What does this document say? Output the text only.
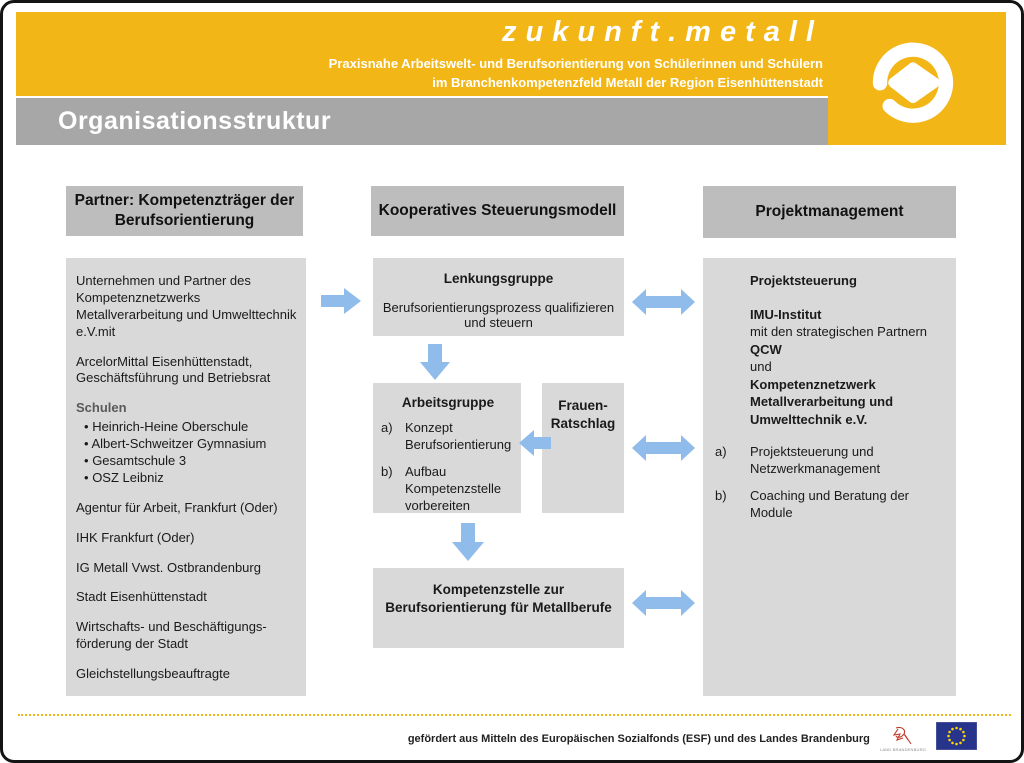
zukunft.metall
Praxisnahe Arbeitswelt- und Berufsorientierung von Schülerinnen und Schülern
im Branchenkompetenzfeld Metall der Region Eisenhüttenstadt
Organisationsstruktur
Partner: Kompetenzträger der Berufsorientierung
Kooperatives Steuerungsmodell	Projektmanagement

Unternehmen und Partner des Kompetenznetzwerks Metallverarbeitung und Umwelttechnik e.V.mit

ArcelorMittal Eisenhüttenstadt, Geschäftsführung und Betriebsrat

Schulen
• Heinrich-Heine Oberschule
• Albert-Schweitzer Gymnasium
• Gesamtschule 3
• OSZ Leibniz

Agentur für Arbeit, Frankfurt (Oder)

IHK Frankfurt (Oder)

IG Metall Vwst. Ostbrandenburg

Stadt Eisenhüttenstadt

Wirtschafts- und Beschäftigungs- förderung der Stadt

Gleichstellungsbeauftragte

Lenkungsgruppe
Berufsorientierungsprozess qualifizieren und steuern
Arbeitsgruppe
a) Konzept Berufsorientierung
b) Aufbau Kompetenzstelle vorbereiten
Frauen-Ratschlag
Kompetenzstelle zur Berufsorientierung für Metallberufe
Projektsteuerung
IMU-Institut
mit den strategischen Partnern
QCW
und
Kompetenznetzwerk
Metallverarbeitung und
Umwelttechnik e.V.
a)	Projektsteuerung und Netzwerkmanagement
b)	Coaching und Beratung der Module
gefördert aus Mitteln des Europäischen Sozialfonds (ESF) und des Landes Brandenburg
LAND BRANDENBURG
